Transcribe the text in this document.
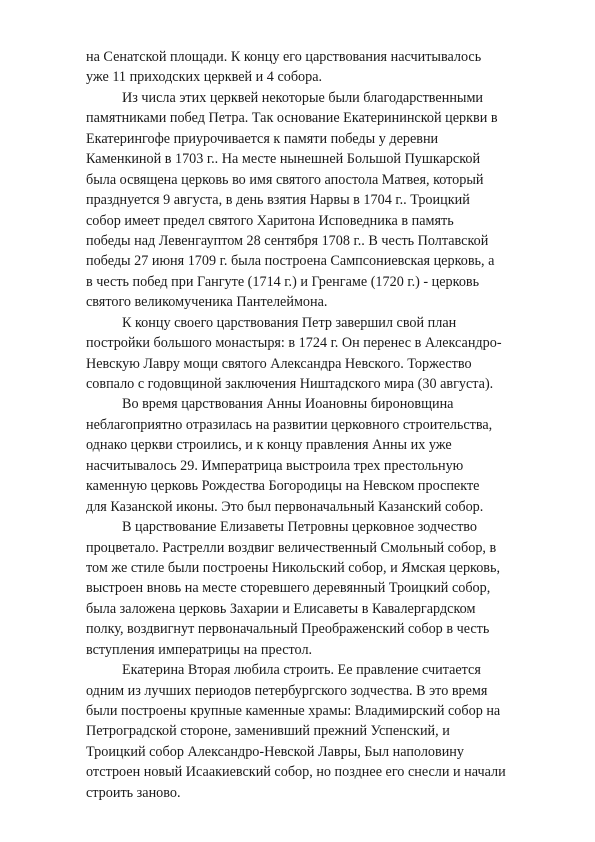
на Сенатской площади. К концу его царствования насчитывалось
уже 11 приходских церквей и 4 собора.
Из числа этих церквей некоторые были благодарственными
памятниками побед Петра. Так основание Екатерининской церкви в
Екатерингофе приурочивается к памяти победы у деревни
Каменкиной в 1703 г.. На месте нынешней Большой Пушкарской
была освящена церковь во имя святого апостола Матвея, который
празднуется 9 августа, в день взятия Нарвы в 1704 г.. Троицкий
собор имеет предел святого Харитона Исповедника в память
победы над Левенгауптом 28 сентября 1708 г.. В честь Полтавской
победы 27 июня 1709 г. была построена Сампсониевская церковь, а
в честь побед при Гангуте (1714 г.) и Гренгаме (1720 г.) - церковь
святого великомученика Пантелеймона.
К концу своего царствования Петр завершил свой план
постройки большого монастыря: в 1724 г. Он перенес в Александро-
Невскую Лавру мощи святого Александра Невского. Торжество
совпало с годовщиной заключения Ништадского мира (30 августа).
Во время царствования Анны Иоановны бироновщина
неблагоприятно отразилась на развитии церковного строительства,
однако церкви строились, и к концу правления Анны их уже
насчитывалось 29. Императрица выстроила трех престольную
каменную церковь Рождества Богородицы на Невском проспекте
для Казанской иконы. Это был первоначальный Казанский собор.
В царствование Елизаветы Петровны церковное зодчество
процветало. Растрелли воздвиг величественный Смольный собор, в
том же стиле были построены Никольский собор, и Ямская церковь,
выстроен вновь на месте сторевшего деревянный Троицкий собор,
была заложена церковь Захарии и Елисаветы в Кавалергардском
полку, воздвигнут первоначальный Преображенский собор в честь
вступления императрицы на престол.
Екатерина Вторая любила строить. Ее правление считается
одним из лучших периодов петербургского зодчества. В это время
были построены крупные каменные храмы: Владимирский собор на
Петроградской стороне, заменивший прежний Успенский, и
Троицкий собор Александро-Невской Лавры, Был наполовину
отстроен новый Исаакиевский собор, но позднее его снесли и начали
строить заново.
